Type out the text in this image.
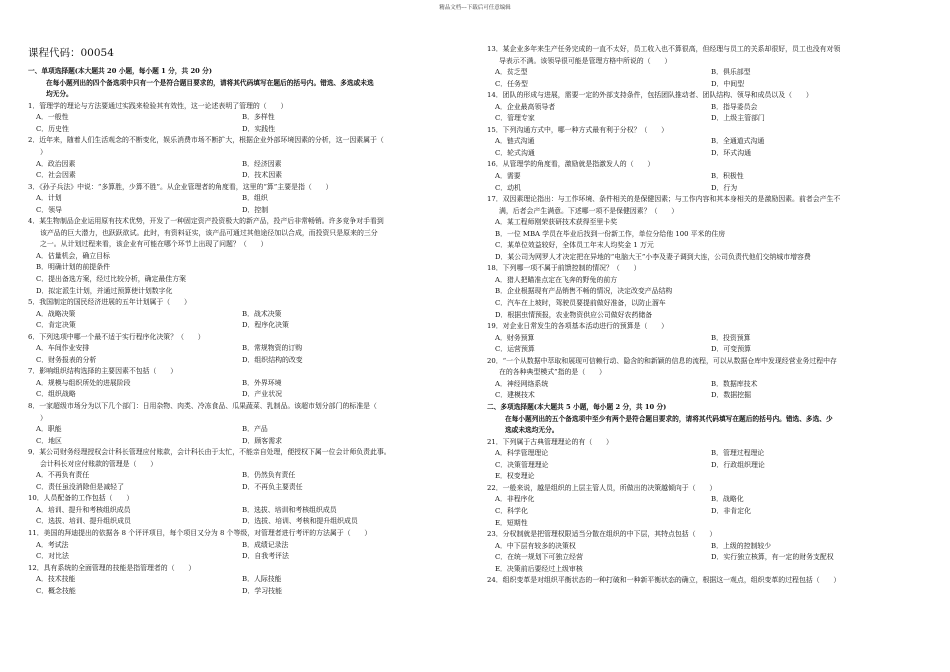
精品文档---下载后可任意编辑
课程代码：00054
一、单项选择题(本大题共 20 小题，每小题 1 分，共 20 分)
在每小题列出的四个备选项中只有一个是符合题目要求的，请将其代码填写在题后的括号内。错选、多选或未选
均无分。
1．管理学的理论与方法要通过实践来检验其有效性，这一论述表明了管理的（　　）
A．一般性	B．多样性
C．历史性	D．实践性
2．近年来，随着人们生活观念的不断变化，娱乐消费市场不断扩大，根据企业外部环境因素的分析，这一因素属于（
）
A．政治因素	B．经济因素
C．社会因素	D．技术因素
3．《孙子兵法》中说：“多算胜，少算不胜”。从企业管理者的角度看，这里的“算”主要是指（　　）
A．计划	B．组织
C．领导	D．控制
4．某生物制品企业运用原有技术优势，开发了一种固定资产投资极大的新产品，投产后非常畅销。许多竞争对手看到
该产品的巨大潜力，也跃跃欲试。此时，有资料证实，该产品可通过其他途径加以合成，而投资只是原来的三分
之一。从计划过程来看，该企业有可能在哪个环节上出现了问题？（　　）
A．估量机会，确立目标
B．明确计划的前提条件
C．提出备选方案，经过比较分析，确定最佳方案
D．拟定派生计划，并通过预算使计划数字化
5．我国制定的国民经济进展的五年计划属于（　　）
A．战略决策	B．战术决策
C．肯定决策	D．程序化决策
6．下列选项中哪一个最不适于实行程序化决策？（　　）
A．车间作业安排	B．常规物资的订购
C．财务报表的分析	D．组织结构的改变
7．影响组织结构选择的主要因素不包括（　　）
A．规模与组织所处的进展阶段	B．外界环境
C．组织战略	D．产业状况
8．一家超级市场分为以下几个部门：日用杂物、肉类、冷冻食品、瓜果蔬菜、乳制品。该超市划分部门的标准是（
）
A．职能	B．产品
C．地区	D．顾客需求
9．某公司财务经理授权会计科长管理应付账款，会计科长由于太忙，不能亲自处理，便授权下属一位会计师负责此事。
会计科长对应付账款的管理是（　　）
A．不再负有责任	B．仍然负有责任
C．责任虽没消除但是减轻了	D．不再负主要责任
10．人员配备的工作包括（　　）
A．培训、提升和考核组织成员	B．选拔、培训和考核组织成员
C．选拔、培训、提升组织成员	D．选拔、培训、考核和提升组织成员
11．美国的拜迪提出的依据各 8 个评评项目，每个项目又分为 8 个等级，对管理者进行考评的方法属于（　　）
A．考试法	B．成绩记录法
C．对比法	D．自我考评法
12．具有系统的全面管理的技能是指管理者的（　　）
A．技术技能	B．人际技能
C．概念技能	D．学习技能
13．某企业多年来生产任务完成的一直不太好，员工收入也不算很高，但经理与员工的关系却很好，员工也没有对领
导表示不满。该领导很可能是管理方格中所说的（　　）
A．贫乏型	B．俱乐部型
C．任务型	D．中间型
14．团队的形成与进展，需要一定的外部支持条件，包括团队推动者、团队结构、领导和成员以及（　　）
A．企业最高领导者	B．指导委员会
C．管理专家	D．上级主管部门
15．下列沟通方式中，哪一种方式最有利于分权？（　　）
A．链式沟通	B．全通道式沟通
C．轮式沟通	D．环式沟通
16．从管理学的角度看，激励就是指激发人的（　　）
A．需要	B．积极性
C．动机	D．行为
17．双因素理论指出：与工作环境、条件相关的是保健因素；与工作内容和其本身相关的是激励因素。前者会产生不
满，后者会产生满意。下述哪一项不是保健因素？（　　）
A．某工程师刚荣获研技术获得至里卡奖
B．一位 MBA 学员在毕业后找到一份新工作，单位分给他 100 平米的住房
C．某单位效益较好，全体员工年末人均奖金 1 万元
D．某公司为网罗人才决定把在异地的“电脑大王”小李及妻子调到大连，公司负责代他们交纳城市增容费
18．下列哪一项不属于前馈控制的情况？（　　）
A．猎人把瞄准点定在飞奔的野兔的前方
B．企业根据现有产品销售不畅的情况，决定改变产品结构
C．汽车在上坡时，驾驶员要提前做好准备，以防止溜车
D．根据虫情预报，农业物资供应公司做好农药储备
19．对企业日常发生的各项基本活动进行的预算是（　　）
A．财务预算	B．投资预算
C．运营预算	D．可变预算
20．“一个从数据中萃取和展现可信赖行动、隐含的和新颖的信息的流程，可以从数据仓库中发现经营业务过程中存
在的各种典型模式”指的是（　　）
A．神经网络系统	B．数据库技术
C．建模技术	D．数据挖掘
二、多项选择题(本大题共 5 小题，每小题 2 分，共 10 分)
在每小题列出的五个备选项中至少有两个是符合题目要求的，请将其代码填写在题后的括号内。错选、多选、少
选或未选均无分。
21．下列属于古典管理理论的有（　　）
A．科学管理理论	B．管理过程理论
C．决策管理理论	D．行政组织理论
E．权变理论
22．一般来说，越是组织的上层主管人员，所做出的决策越倾向于（　　）
A．非程序化	B．战略化
C．科学化	D．非肯定化
E．短期性
23．分权制就是把管理权限适当分散在组织的中下层，其特点包括（　　）
A．中下层有较多的决策权	B．上级的控制较少
C．在统一规划下可独立经营	D．实行独立核算，有一定的财务支配权
E．决策前后要经过上级审核
24．组织变革是对组织平衡状态的一种打破和一种新平衡状态的确立，根据这一观点，组织变革的过程包括（　　）
